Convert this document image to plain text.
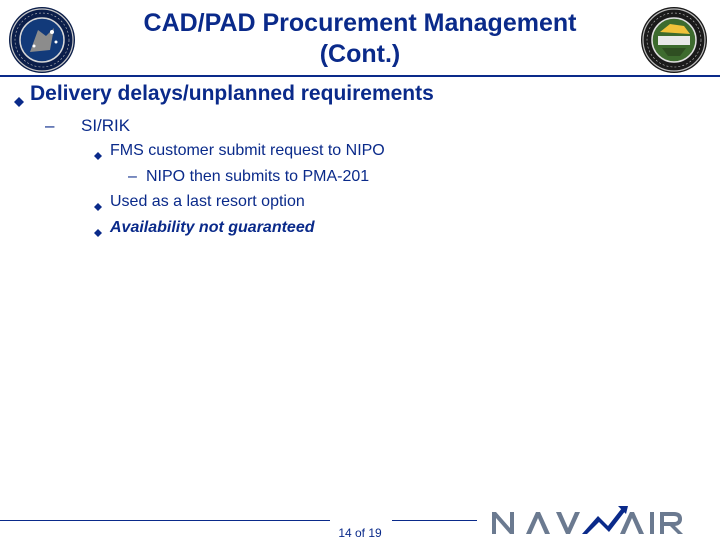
CAD/PAD Procurement Management
(Cont.)
Delivery delays/unplanned requirements
– SI/RIK
FMS customer submit request to NIPO
– NIPO then submits to PMA-201
Used as a last resort option
Availability not guaranteed
14 of 19
